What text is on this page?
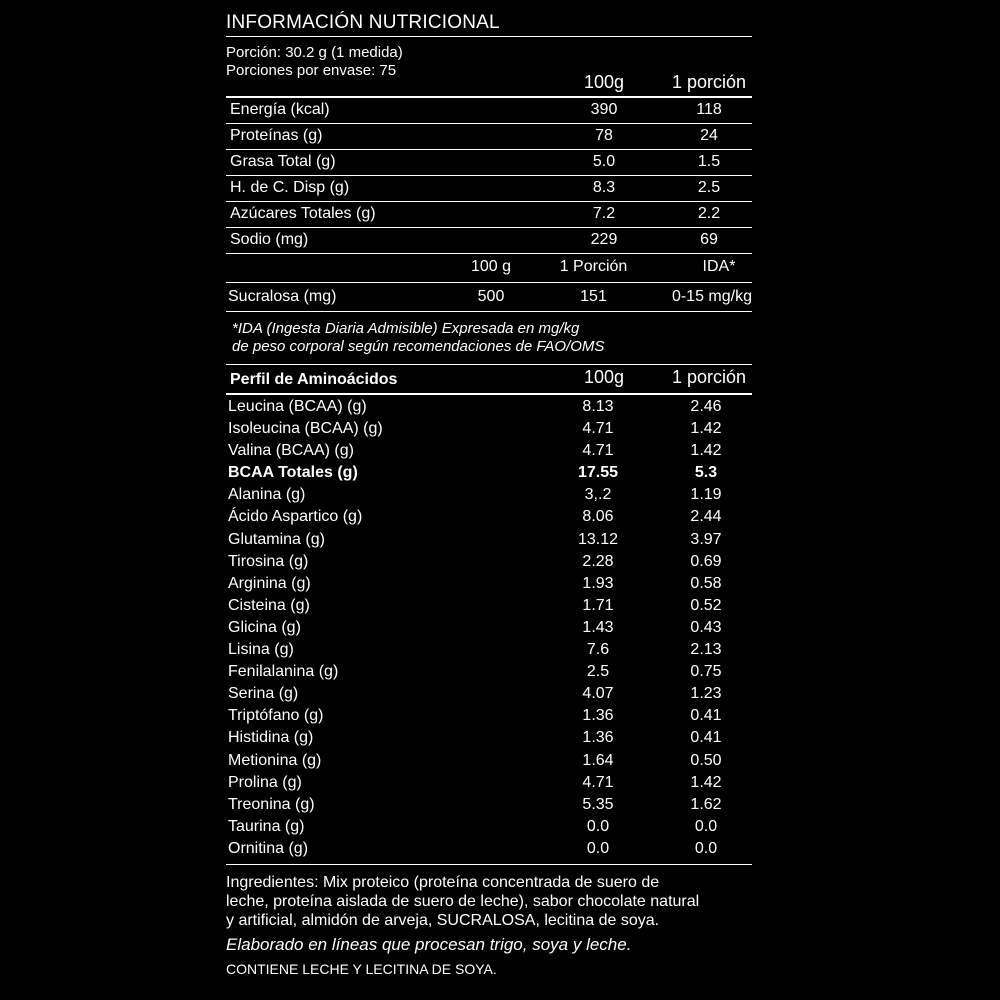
INFORMACIÓN NUTRICIONAL
Porción: 30.2 g (1 medida)
Porciones por envase: 75
100g	1 porción
Energía (kcal)	390	118
Proteínas (g)	78	24
Grasa Total (g)	5.0	1.5
H. de C. Disp (g)	8.3	2.5
Azúcares Totales (g)	7.2	2.2
Sodio (mg)	229	69
100 g	1 Porción	IDA*
Sucralosa (mg)	500	151	0-15 mg/kg
*IDA (Ingesta Diaria Admisible) Expresada en mg/kg
de peso corporal según recomendaciones de FAO/OMS
Perfil de Aminoácidos	100g	1 porción
Leucina (BCAA) (g)	8.13	2.46
Isoleucina (BCAA) (g)	4.71	1.42
Valina (BCAA) (g)	4.71	1.42
BCAA Totales (g)	17.55	5.3
Alanina (g)	3,.2	1.19
Ácido Aspartico (g)	8.06	2.44
Glutamina (g)	13.12	3.97
Tirosina (g)	2.28	0.69
Arginina (g)	1.93	0.58
Cisteina (g)	1.71	0.52
Glicina (g)	1.43	0.43
Lisina (g)	7.6	2.13
Fenilalanina (g)	2.5	0.75
Serina (g)	4.07	1.23
Triptófano (g)	1.36	0.41
Histidina (g)	1.36	0.41
Metionina (g)	1.64	0.50
Prolina (g)	4.71	1.42
Treonina (g)	5.35	1.62
Taurina (g)	0.0	0.0
Ornitina (g)	0.0	0.0
Ingredientes: Mix proteico (proteína concentrada de suero de
leche, proteína aislada de suero de leche), sabor chocolate natural
y artificial, almidón de arveja, SUCRALOSA, lecitina de soya.
Elaborado en líneas que procesan trigo, soya y leche.
CONTIENE LECHE Y LECITINA DE SOYA.
